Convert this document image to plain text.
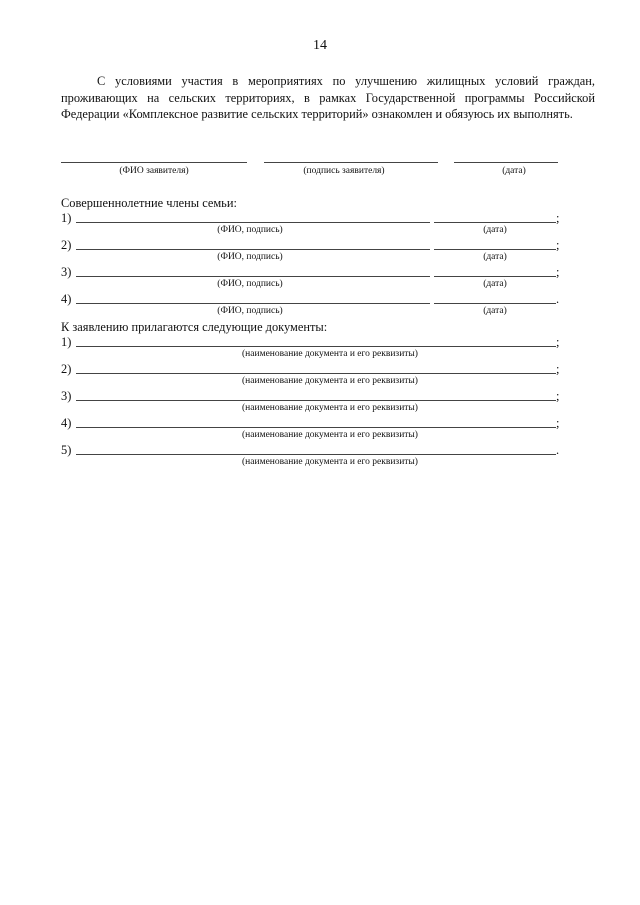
14

С условиями участия в мероприятиях по улучшению жилищных условий граждан, проживающих на сельских территориях, в рамках Государственной программы Российской Федерации «Комплексное развитие сельских территорий» ознакомлен и обязуюсь их выполнять.

(ФИО заявителя)	(подпись заявителя)	(дата)
Совершеннолетние члены семьи:
1)	;
(ФИО, подпись)	(дата)
2)	;
(ФИО, подпись)	(дата)
3)	;
(ФИО, подпись)	(дата)
4)	.
(ФИО, подпись)	(дата)
К заявлению прилагаются следующие документы:
1)	;
(наименование документа и его реквизиты)
2)	;
(наименование документа и его реквизиты)
3)	;
(наименование документа и его реквизиты)
4)	;
(наименование документа и его реквизиты)
5)	.
(наименование документа и его реквизиты)
